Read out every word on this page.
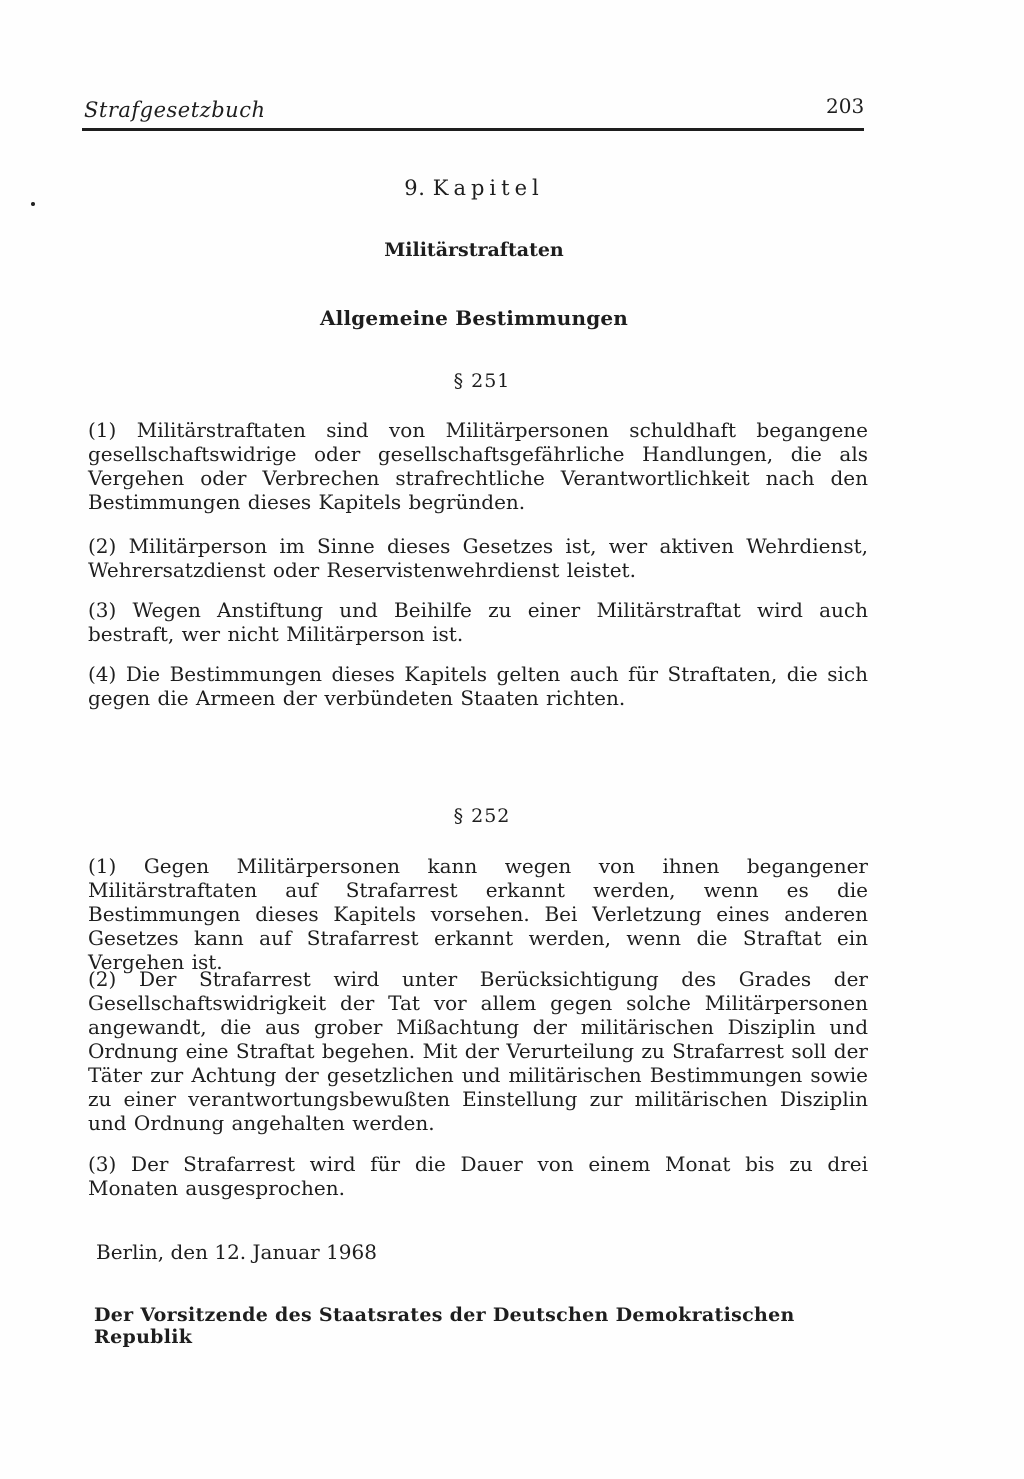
Strafgesetzbuch	203
9. Kapitel
Militärstraftaten
Allgemeine Bestimmungen
§ 251
(1) Militärstraftaten sind von Militärpersonen schuldhaft begangene gesellschaftswidrige oder gesellschaftsgefährliche Handlungen, die als Vergehen oder Verbrechen strafrechtliche Verantwortlichkeit nach den Bestimmungen dieses Kapitels begründen.
(2) Militärperson im Sinne dieses Gesetzes ist, wer aktiven Wehrdienst, Wehrersatzdienst oder Reservistenwehrdienst leistet.
(3) Wegen Anstiftung und Beihilfe zu einer Militärstraftat wird auch bestraft, wer nicht Militärperson ist.
(4) Die Bestimmungen dieses Kapitels gelten auch für Straftaten, die sich gegen die Armeen der verbündeten Staaten richten.
§ 252
(1) Gegen Militärpersonen kann wegen von ihnen begangener Militärstraftaten auf Strafarrest erkannt werden, wenn es die Bestimmungen dieses Kapitels vorsehen. Bei Verletzung eines anderen Gesetzes kann auf Strafarrest erkannt werden, wenn die Straftat ein Vergehen ist.
(2) Der Strafarrest wird unter Berücksichtigung des Grades der Gesellschaftswidrigkeit der Tat vor allem gegen solche Militärpersonen angewandt, die aus grober Mißachtung der militärischen Disziplin und Ordnung eine Straftat begehen. Mit der Verurteilung zu Strafarrest soll der Täter zur Achtung der gesetzlichen und militärischen Bestimmungen sowie zu einer verantwortungsbewußten Einstellung zur militärischen Disziplin und Ordnung angehalten werden.
(3) Der Strafarrest wird für die Dauer von einem Monat bis zu drei Monaten ausgesprochen.
Berlin, den 12. Januar 1968
Der Vorsitzende des Staatsrates der Deutschen Demokratischen Republik
